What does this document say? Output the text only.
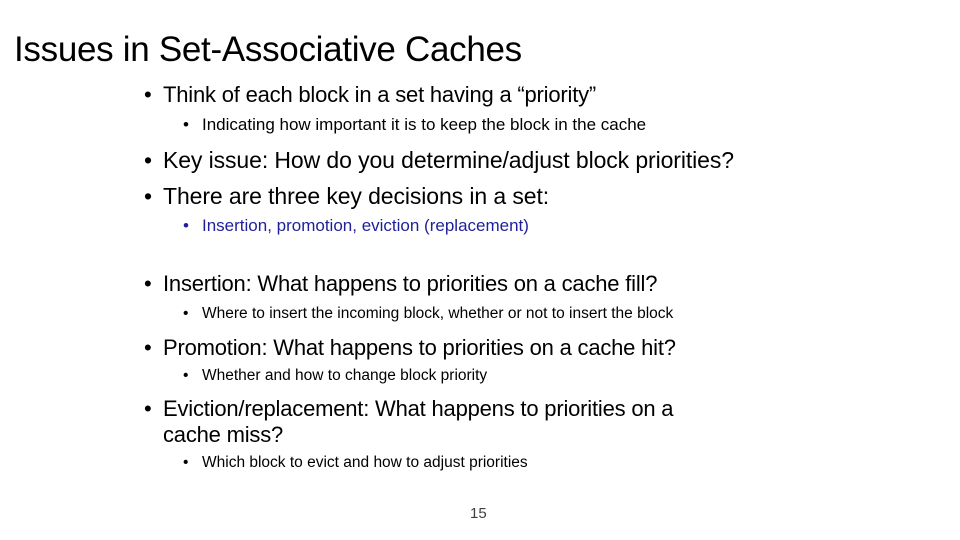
Issues in Set-Associative Caches
• Think of each block in a set having a “priority”
• Indicating how important it is to keep the block in the cache
• Key issue: How do you determine/adjust block priorities?
• There are three key decisions in a set:
• Insertion, promotion, eviction (replacement)
• Insertion: What happens to priorities on a cache fill?
• Where to insert the incoming block, whether or not to insert the block
• Promotion: What happens to priorities on a cache hit?
• Whether and how to change block priority
• Eviction/replacement: What happens to priorities on a
cache miss?
• Which block to evict and how to adjust priorities
15
